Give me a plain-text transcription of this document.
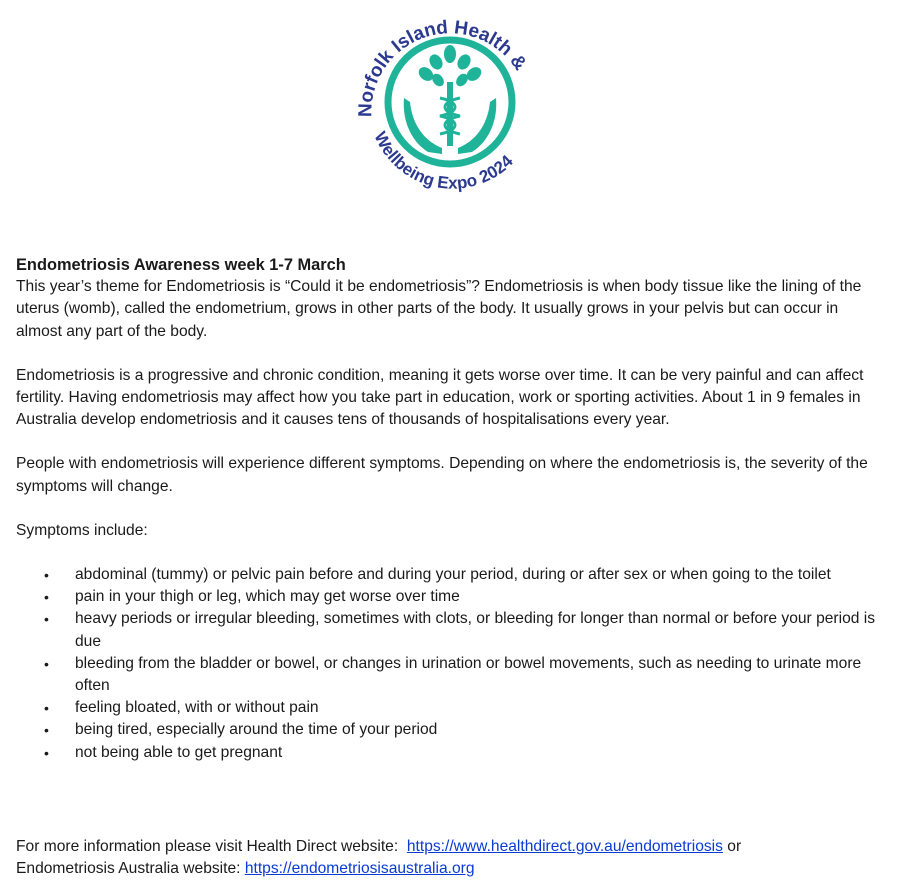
Norfolk Island Health &
Wellbeing Expo 2024

Endometriosis Awareness week 1-7 March

This year’s theme for Endometriosis is “Could it be endometriosis”? Endometriosis is when body tissue like the lining of the uterus (womb), called the endometrium, grows in other parts of the body. It usually grows in your pelvis but can occur in almost any part of the body.

Endometriosis is a progressive and chronic condition, meaning it gets worse over time. It can be very painful and can affect fertility. Having endometriosis may affect how you take part in education, work or sporting activities. About 1 in 9 females in Australia develop endometriosis and it causes tens of thousands of hospitalisations every year.

People with endometriosis will experience different symptoms. Depending on where the endometriosis is, the severity of the symptoms will change.

Symptoms include:

• abdominal (tummy) or pelvic pain before and during your period, during or after sex or when going to the toilet
• pain in your thigh or leg, which may get worse over time
• heavy periods or irregular bleeding, sometimes with clots, or bleeding for longer than normal or before your period is due
• bleeding from the bladder or bowel, or changes in urination or bowel movements, such as needing to urinate more often
• feeling bloated, with or without pain
• being tired, especially around the time of your period
• not being able to get pregnant
For more information please visit Health Direct website:  https://www.healthdirect.gov.au/endometriosis or
Endometriosis Australia website: https://endometriosisaustralia.org
